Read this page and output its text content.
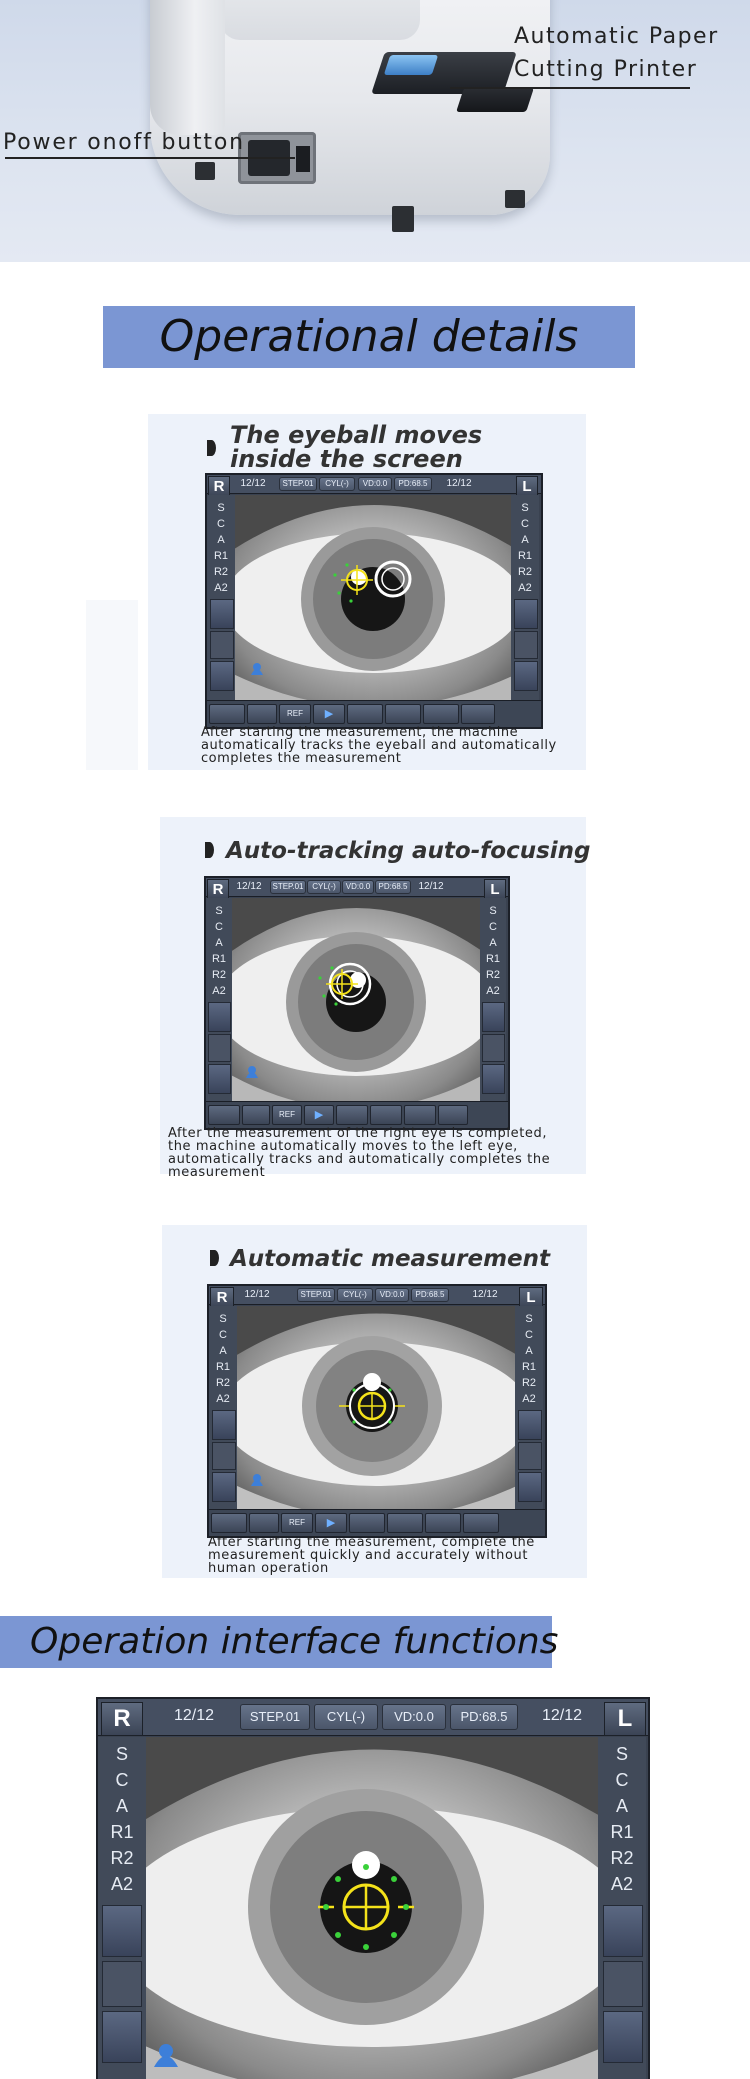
Automatic Paper
Cutting Printer
Power onoff button
Operational details
The eyeball moves
inside the screen
R	12/12	STEP.01	CYL(-)	VD:0.0	PD:68.5	12/12	L
S
C
A
R1
R2
A2
S
C
A
R1
R2
A2
REF	▶
After starting the measurement, the machine
automatically tracks the eyeball and automatically
completes the measurement
Auto-tracking auto-focusing
R	12/12	STEP.01	CYL(-)	VD:0.0	PD:68.5	12/12	L
S
C
A
R1
R2
A2
S
C
A
R1
R2
A2
REF	▶
After the measurement of the right eye is completed,
the machine automatically moves to the left eye,
automatically tracks and automatically completes the
measurement
Automatic measurement
R	12/12	STEP.01	CYL(-)	VD:0.0	PD:68.5	12/12	L
S
C
A
R1
R2
A2
S
C
A
R1
R2
A2
REF	▶
After starting the measurement, complete the
measurement quickly and accurately without
human operation
Operation interface functions
R	12/12	STEP.01	CYL(-)	VD:0.0	PD:68.5	12/12	L
S
C
A
R1
R2
A2
S
C
A
R1
R2
A2
